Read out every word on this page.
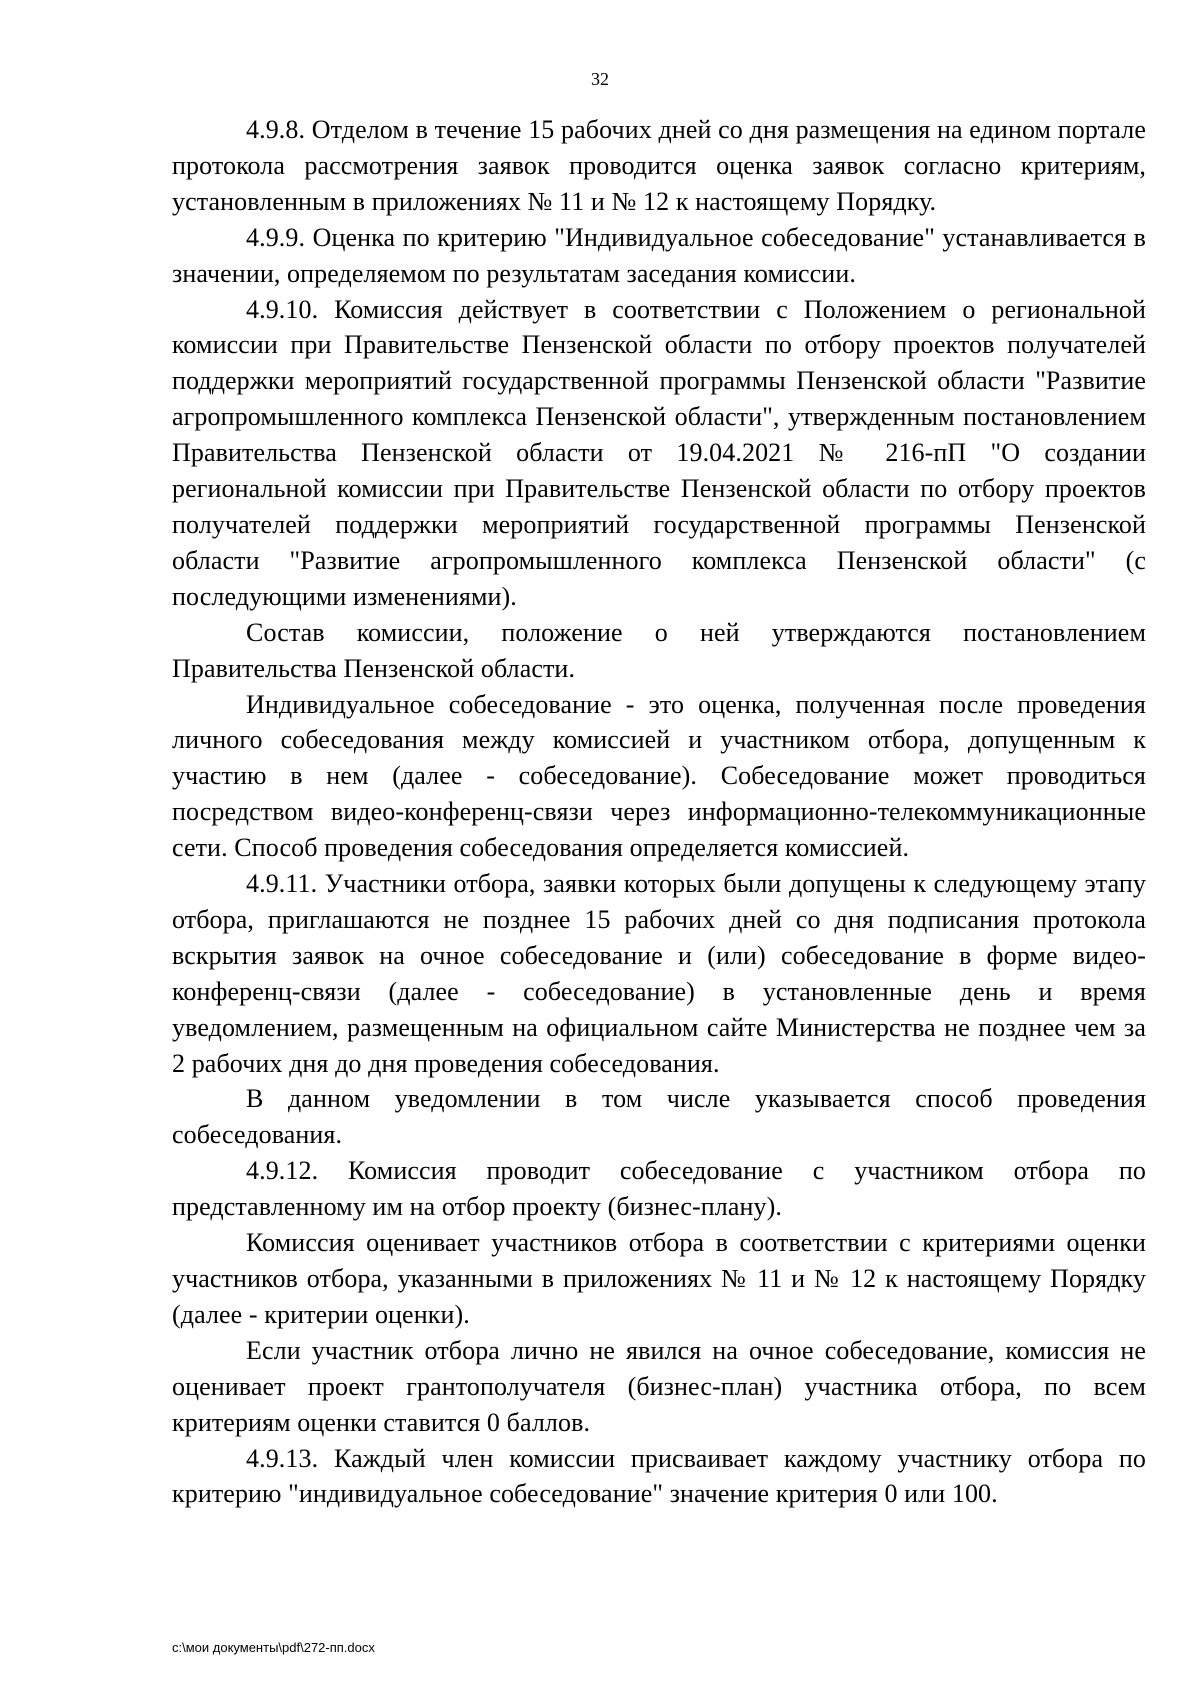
32

4.9.8. Отделом в течение 15 рабочих дней со дня размещения на едином портале протокола рассмотрения заявок проводится оценка заявок согласно критериям, установленным в приложениях № 11 и № 12 к настоящему Порядку.

4.9.9. Оценка по критерию "Индивидуальное собеседование" устанавливается в значении, определяемом по результатам заседания комиссии.

4.9.10. Комиссия действует в соответствии с Положением о региональной комиссии при Правительстве Пензенской области по отбору проектов получателей поддержки мероприятий государственной программы Пензенской области "Развитие агропромышленного комплекса Пензенской области", утвержденным постановлением Правительства Пензенской области от 19.04.2021 № 216-пП "О создании региональной комиссии при Правительстве Пензенской области по отбору проектов получателей поддержки мероприятий государственной программы Пензенской области "Развитие агропромышленного комплекса Пензенской области" (с последующими изменениями).

Состав комиссии, положение о ней утверждаются постановлением Правительства Пензенской области.

Индивидуальное собеседование - это оценка, полученная после проведения личного собеседования между комиссией и участником отбора, допущенным к участию в нем (далее - собеседование). Собеседование может проводиться посредством видео-конференц-связи через информационно-телекоммуникационные сети. Способ проведения собеседования определяется комиссией.

4.9.11. Участники отбора, заявки которых были допущены к следующему этапу отбора, приглашаются не позднее 15 рабочих дней со дня подписания протокола вскрытия заявок на очное собеседование и (или) собеседование в форме видео-конференц-связи (далее - собеседование) в установленные день и время уведомлением, размещенным на официальном сайте Министерства не позднее чем за 2 рабочих дня до дня проведения собеседования.

В данном уведомлении в том числе указывается способ проведения собеседования.

4.9.12. Комиссия проводит собеседование с участником отбора по представленному им на отбор проекту (бизнес-плану).

Комиссия оценивает участников отбора в соответствии с критериями оценки участников отбора, указанными в приложениях № 11 и № 12 к настоящему Порядку (далее - критерии оценки).

Если участник отбора лично не явился на очное собеседование, комиссия не оценивает проект грантополучателя (бизнес-план) участника отбора, по всем критериям оценки ставится 0 баллов.

4.9.13. Каждый член комиссии присваивает каждому участнику отбора по критерию "индивидуальное собеседование" значение критерия 0 или 100.

c:\мои документы\pdf\272-пп.docx
